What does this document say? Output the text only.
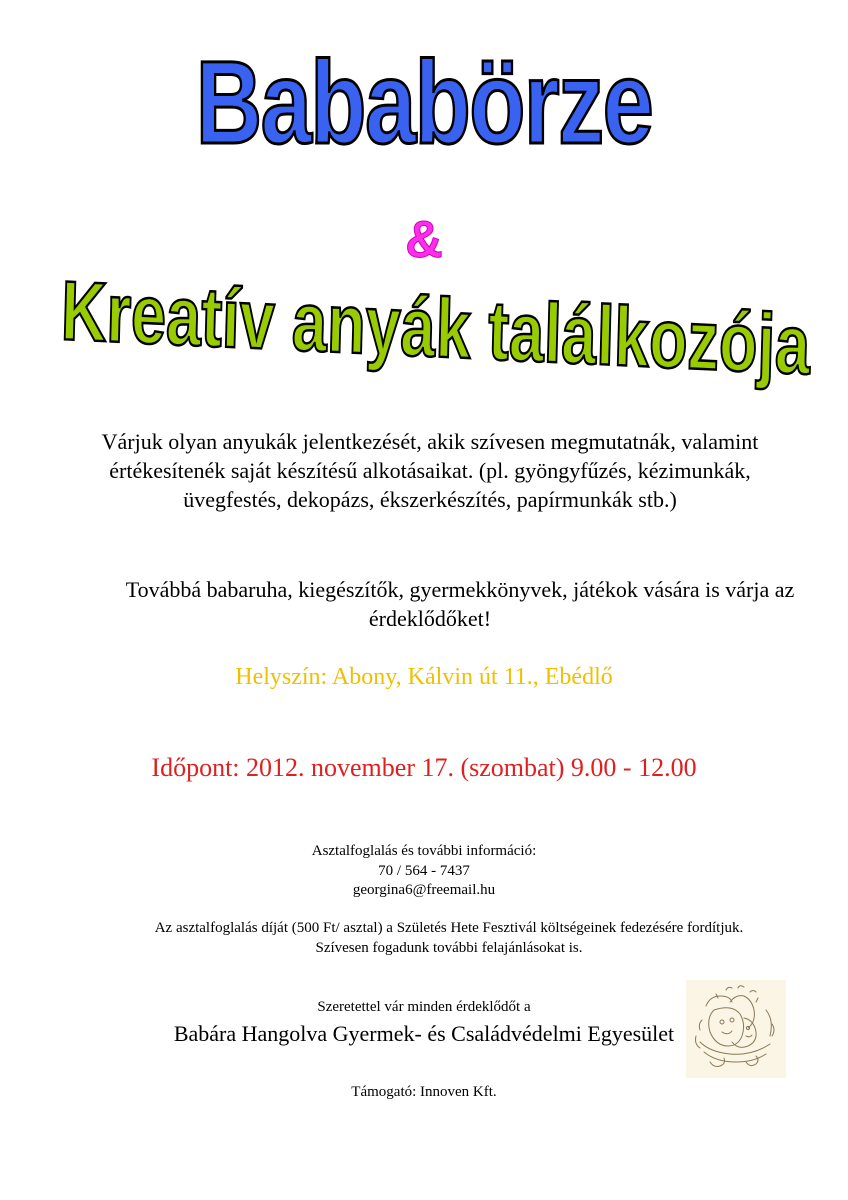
Bababörze
&
Kreatív anyák találkozója
Várjuk olyan anyukák jelentkezését, akik szívesen megmutatnák, valamint
értékesítenék saját készítésű alkotásaikat. (pl. gyöngyfűzés, kézimunkák,
üvegfestés, dekopázs, ékszerkészítés, papírmunkák stb.)
Továbbá babaruha, kiegészítők, gyermekkönyvek, játékok vására is várja az
érdeklődőket!
Helyszín: Abony, Kálvin út 11., Ebédlő
Időpont: 2012. november 17. (szombat) 9.00 - 12.00
Asztalfoglalás és további információ:
70 / 564 - 7437
georgina6@freemail.hu
Az asztalfoglalás díját (500 Ft/ asztal) a Születés Hete Fesztivál költségeinek fedezésére fordítjuk.
Szívesen fogadunk további felajánlásokat is.
Szeretettel vár minden érdeklődőt a
Babára Hangolva Gyermek- és Családvédelmi Egyesület
Támogató: Innoven Kft.
